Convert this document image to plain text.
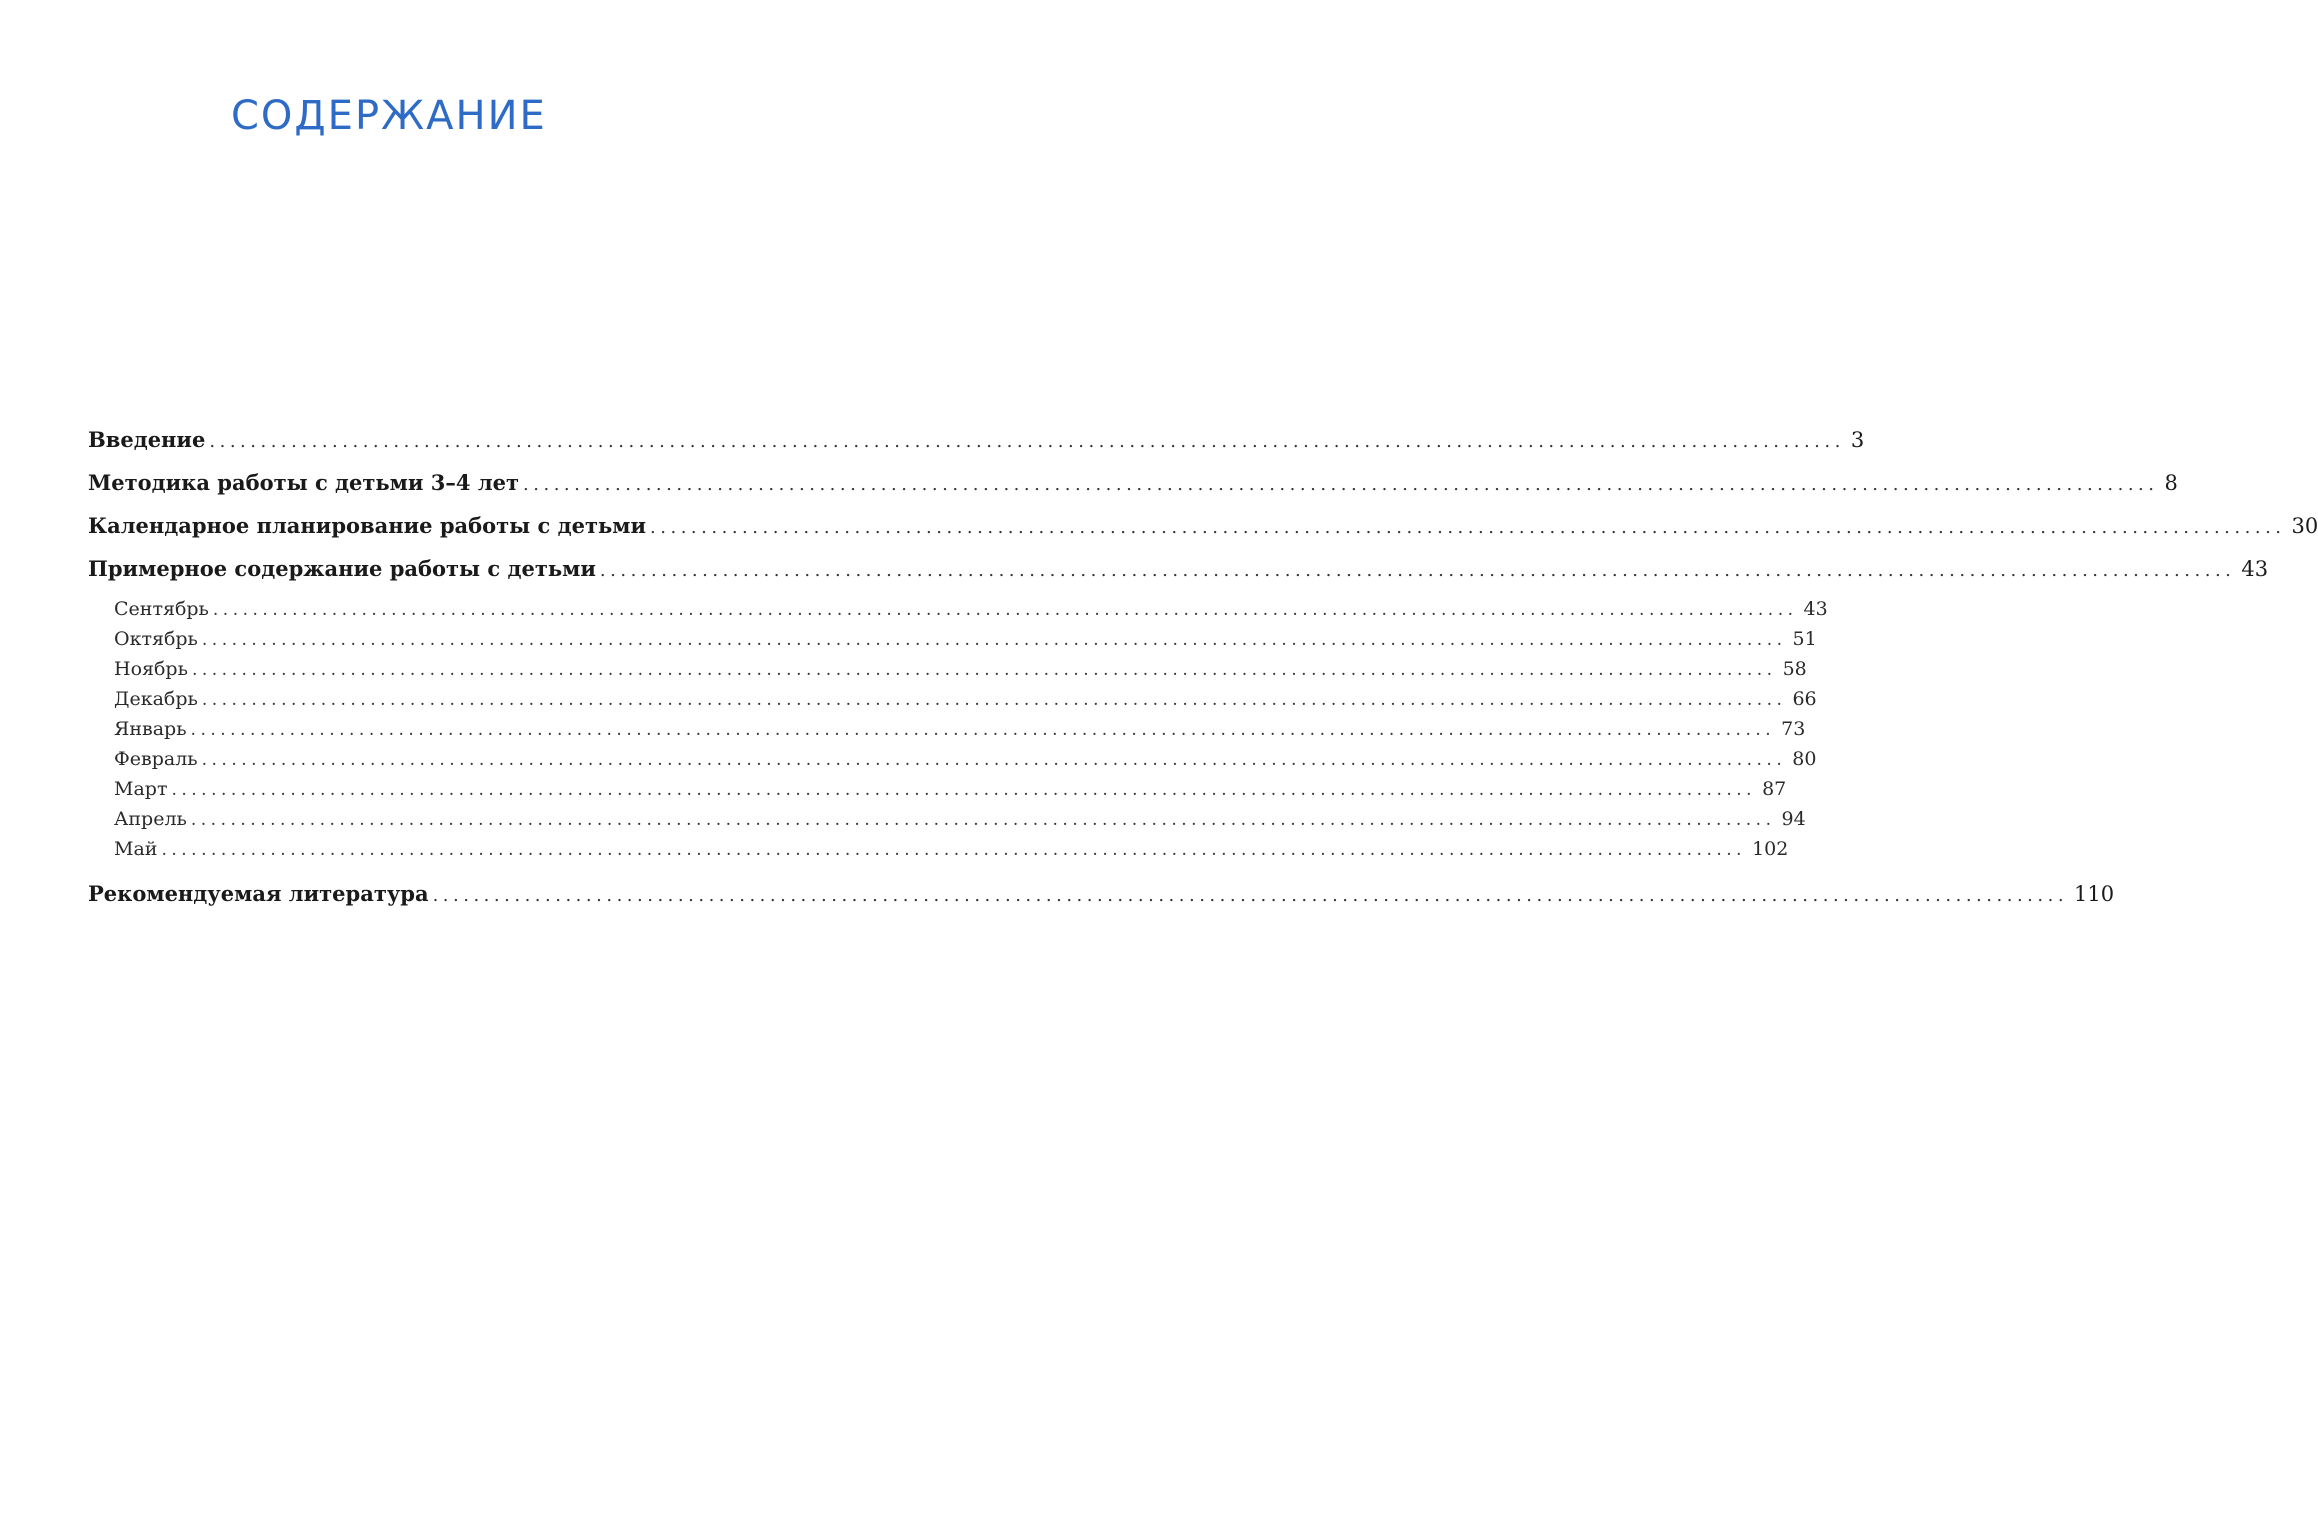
СОДЕРЖАНИЕ
Введение ................................................................................................................................................................ 3
Методика работы с детьми 3–4 лет ................................................................................................................................................................ 8
Календарное планирование работы с детьми ................................................................................................................................................................ 30
Примерное содержание работы с детьми ................................................................................................................................................................ 43
Сентябрь ................................................................................................................................................................ 43
Октябрь ................................................................................................................................................................ 51
Ноябрь ................................................................................................................................................................ 58
Декабрь ................................................................................................................................................................ 66
Январь ................................................................................................................................................................ 73
Февраль ................................................................................................................................................................ 80
Март ................................................................................................................................................................ 87
Апрель ................................................................................................................................................................ 94
Май ................................................................................................................................................................ 102
Рекомендуемая литература ................................................................................................................................................................ 110
